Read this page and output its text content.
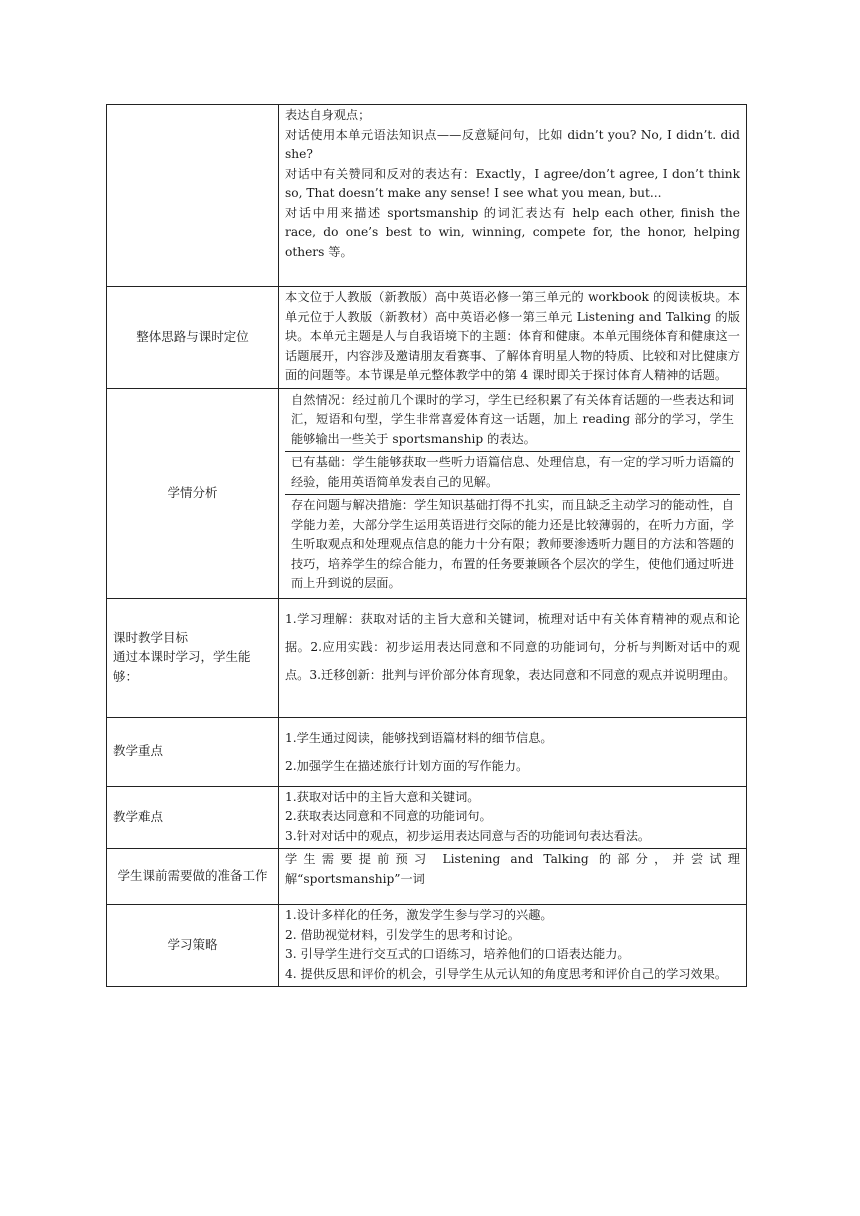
	表达自身观点；

对话使用本单元语法知识点——反意疑问句，比如 didn’t you? No, I didn’t. did she?

对话中有关赞同和反对的表达有：Exactly，I agree/don’t agree, I don’t think so, That doesn’t make any sense! I see what you mean, but...

对话中用来描述 sportsmanship 的词汇表达有 help each other, finish the race, do one’s best to win, winning, compete for, the honor, helping others 等。

整体思路与课时定位	本文位于人教版（新教版）高中英语必修一第三单元的 workbook 的阅读板块。本单元位于人教版（新教材）高中英语必修一第三单元 Listening and Talking 的版块。本单元主题是人与自我语境下的主题：体育和健康。本单元围绕体育和健康这一话题展开，内容涉及邀请朋友看赛事、了解体育明星人物的特质、比较和对比健康方面的问题等。本节课是单元整体教学中的第 4 课时即关于探讨体育人精神的话题。

学情分析	自然情况：经过前几个课时的学习，学生已经积累了有关体育话题的一些表达和词汇，短语和句型，学生非常喜爱体育这一话题，加上 reading 部分的学习，学生能够输出一些关于 sportsmanship 的表达。

已有基础：学生能够获取一些听力语篇信息、处理信息，有一定的学习听力语篇的经验，能用英语简单发表自己的见解。

存在问题与解决措施：学生知识基础打得不扎实，而且缺乏主动学习的能动性，自学能力差，大部分学生运用英语进行交际的能力还是比较薄弱的，在听力方面，学生听取观点和处理观点信息的能力十分有限；教师要渗透听力题目的方法和答题的技巧，培养学生的综合能力，布置的任务要兼顾各个层次的学生，使他们通过听进而上升到说的层面。

课时教学目标
通过本课时学习，学生能够：	1.学习理解：获取对话的主旨大意和关键词，梳理对话中有关体育精神的观点和论据。2.应用实践：初步运用表达同意和不同意的功能词句，分析与判断对话中的观点。3.迁移创新：批判与评价部分体育现象，表达同意和不同意的观点并说明理由。

教学重点	1.学生通过阅读，能够找到语篇材料的细节信息。

2.加强学生在描述旅行计划方面的写作能力。

教学难点	1.获取对话中的主旨大意和关键词。

2.获取表达同意和不同意的功能词句。

3.针对对话中的观点，初步运用表达同意与否的功能词句表达看法。

学生课前需要做的准备工作	学生需要提前预习 Listening and Talking 的部分，并尝试理解“sportsmanship”一词

学习策略	1.设计多样化的任务，激发学生参与学习的兴趣。

2. 借助视觉材料，引发学生的思考和讨论。

3. 引导学生进行交互式的口语练习，培养他们的口语表达能力。

4. 提供反思和评价的机会，引导学生从元认知的角度思考和评价自己的学习效果。
